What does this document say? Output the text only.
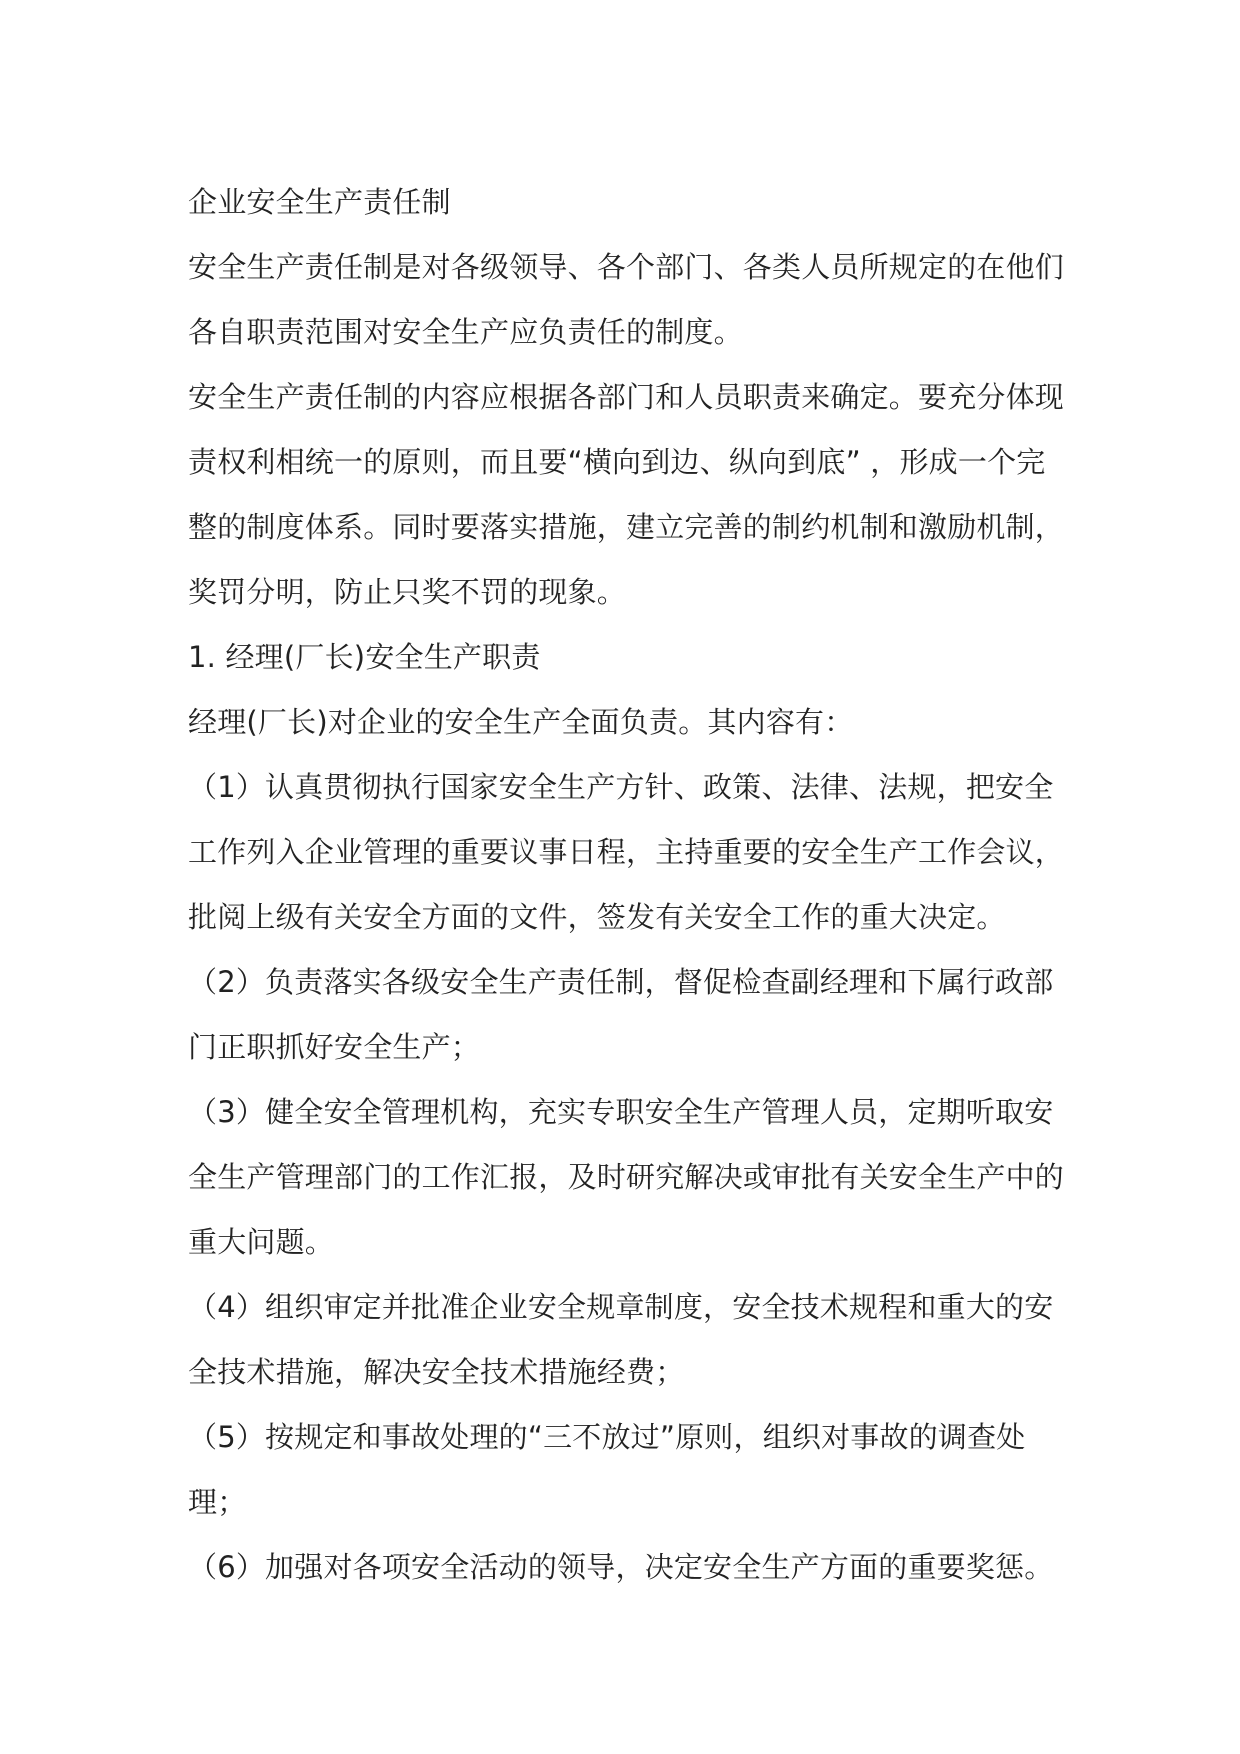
企业安全生产责任制

安全生产责任制是对各级领导、各个部门、各类人员所规定的在他们各自职责范围对安全生产应负责任的制度。

安全生产责任制的内容应根据各部门和人员职责来确定。要充分体现责权利相统一的原则，而且要“横向到边、纵向到底” ，形成一个完整的制度体系。同时要落实措施，建立完善的制约机制和激励机制，奖罚分明，防止只奖不罚的现象。

1. 经理(厂长)安全生产职责

经理(厂长)对企业的安全生产全面负责。其内容有：

（1）认真贯彻执行国家安全生产方针、政策、法律、法规，把安全工作列入企业管理的重要议事日程，主持重要的安全生产工作会议，批阅上级有关安全方面的文件，签发有关安全工作的重大决定。

（2）负责落实各级安全生产责任制，督促检查副经理和下属行政部门正职抓好安全生产；

（3）健全安全管理机构，充实专职安全生产管理人员，定期听取安全生产管理部门的工作汇报，及时研究解决或审批有关安全生产中的重大问题。

（4）组织审定并批准企业安全规章制度，安全技术规程和重大的安全技术措施，解决安全技术措施经费；

（5）按规定和事故处理的“三不放过”原则，组织对事故的调查处理；

（6）加强对各项安全活动的领导，决定安全生产方面的重要奖惩。
